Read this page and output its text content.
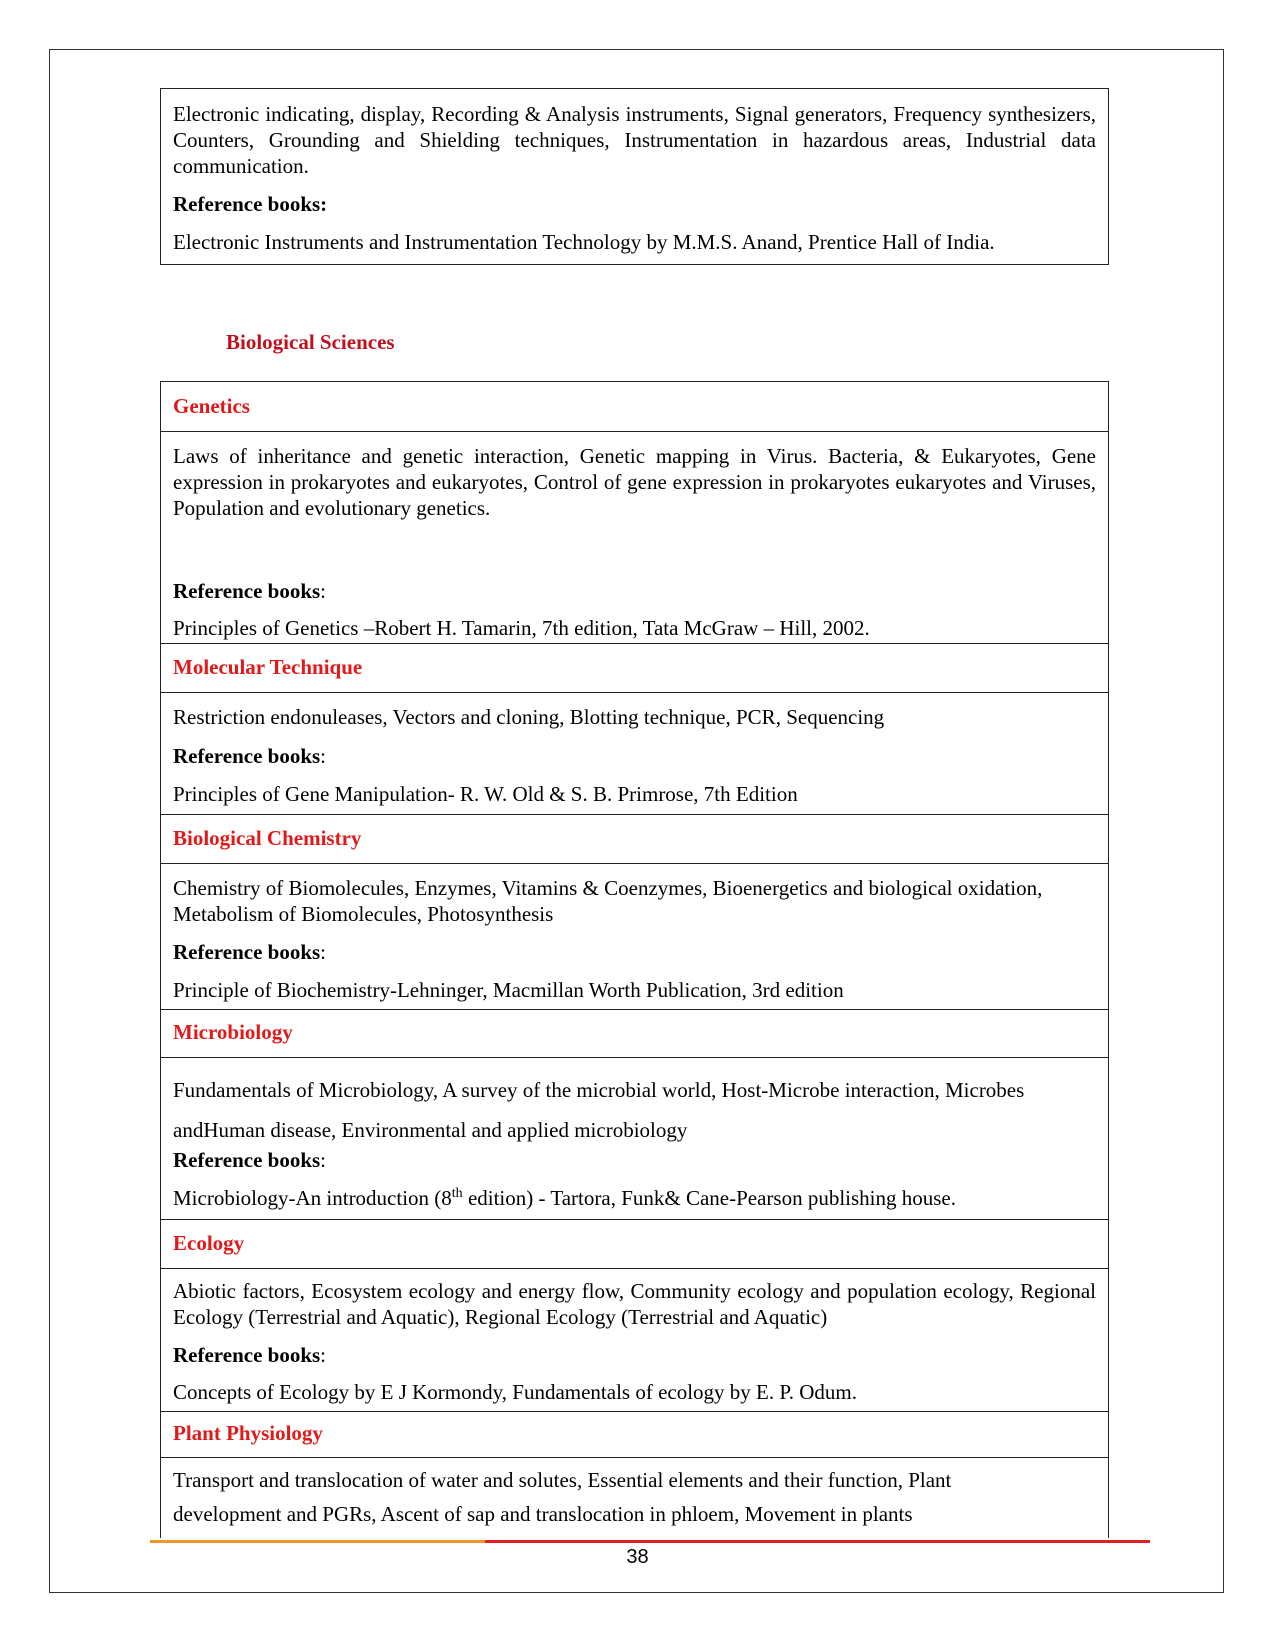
Electronic indicating, display, Recording & Analysis instruments, Signal generators, Frequency synthesizers, Counters, Grounding and Shielding techniques, Instrumentation in hazardous areas, Industrial data communication.

Reference books:

Electronic Instruments and Instrumentation Technology by M.M.S. Anand, Prentice Hall of India.

Biological Sciences
Genetics

Laws of inheritance and genetic interaction, Genetic mapping in Virus. Bacteria, & Eukaryotes, Gene expression in prokaryotes and eukaryotes, Control of gene expression in prokaryotes eukaryotes and Viruses, Population and evolutionary genetics.

Reference books:

Principles of Genetics –Robert H. Tamarin, 7th edition, Tata McGraw – Hill, 2002.

Molecular Technique

Restriction endonuleases, Vectors and cloning, Blotting technique, PCR, Sequencing

Reference books:

Principles of Gene Manipulation- R. W. Old & S. B. Primrose, 7th Edition

Biological Chemistry

Chemistry of Biomolecules, Enzymes, Vitamins & Coenzymes, Bioenergetics and biological oxidation, Metabolism of Biomolecules, Photosynthesis

Reference books:

Principle of Biochemistry-Lehninger, Macmillan Worth Publication, 3rd edition

Microbiology

Fundamentals of Microbiology, A survey of the microbial world, Host-Microbe interaction, Microbes

andHuman disease, Environmental and applied microbiology

Reference books:

Microbiology-An introduction (8th edition) - Tartora, Funk& Cane-Pearson publishing house.

Ecology

Abiotic factors, Ecosystem ecology and energy flow, Community ecology and population ecology, Regional Ecology (Terrestrial and Aquatic), Regional Ecology (Terrestrial and Aquatic)

Reference books:

Concepts of Ecology by E J Kormondy, Fundamentals of ecology by E. P. Odum.

Plant Physiology

Transport and translocation of water and solutes, Essential elements and their function, Plant

development and PGRs, Ascent of sap and translocation in phloem, Movement in plants

38
